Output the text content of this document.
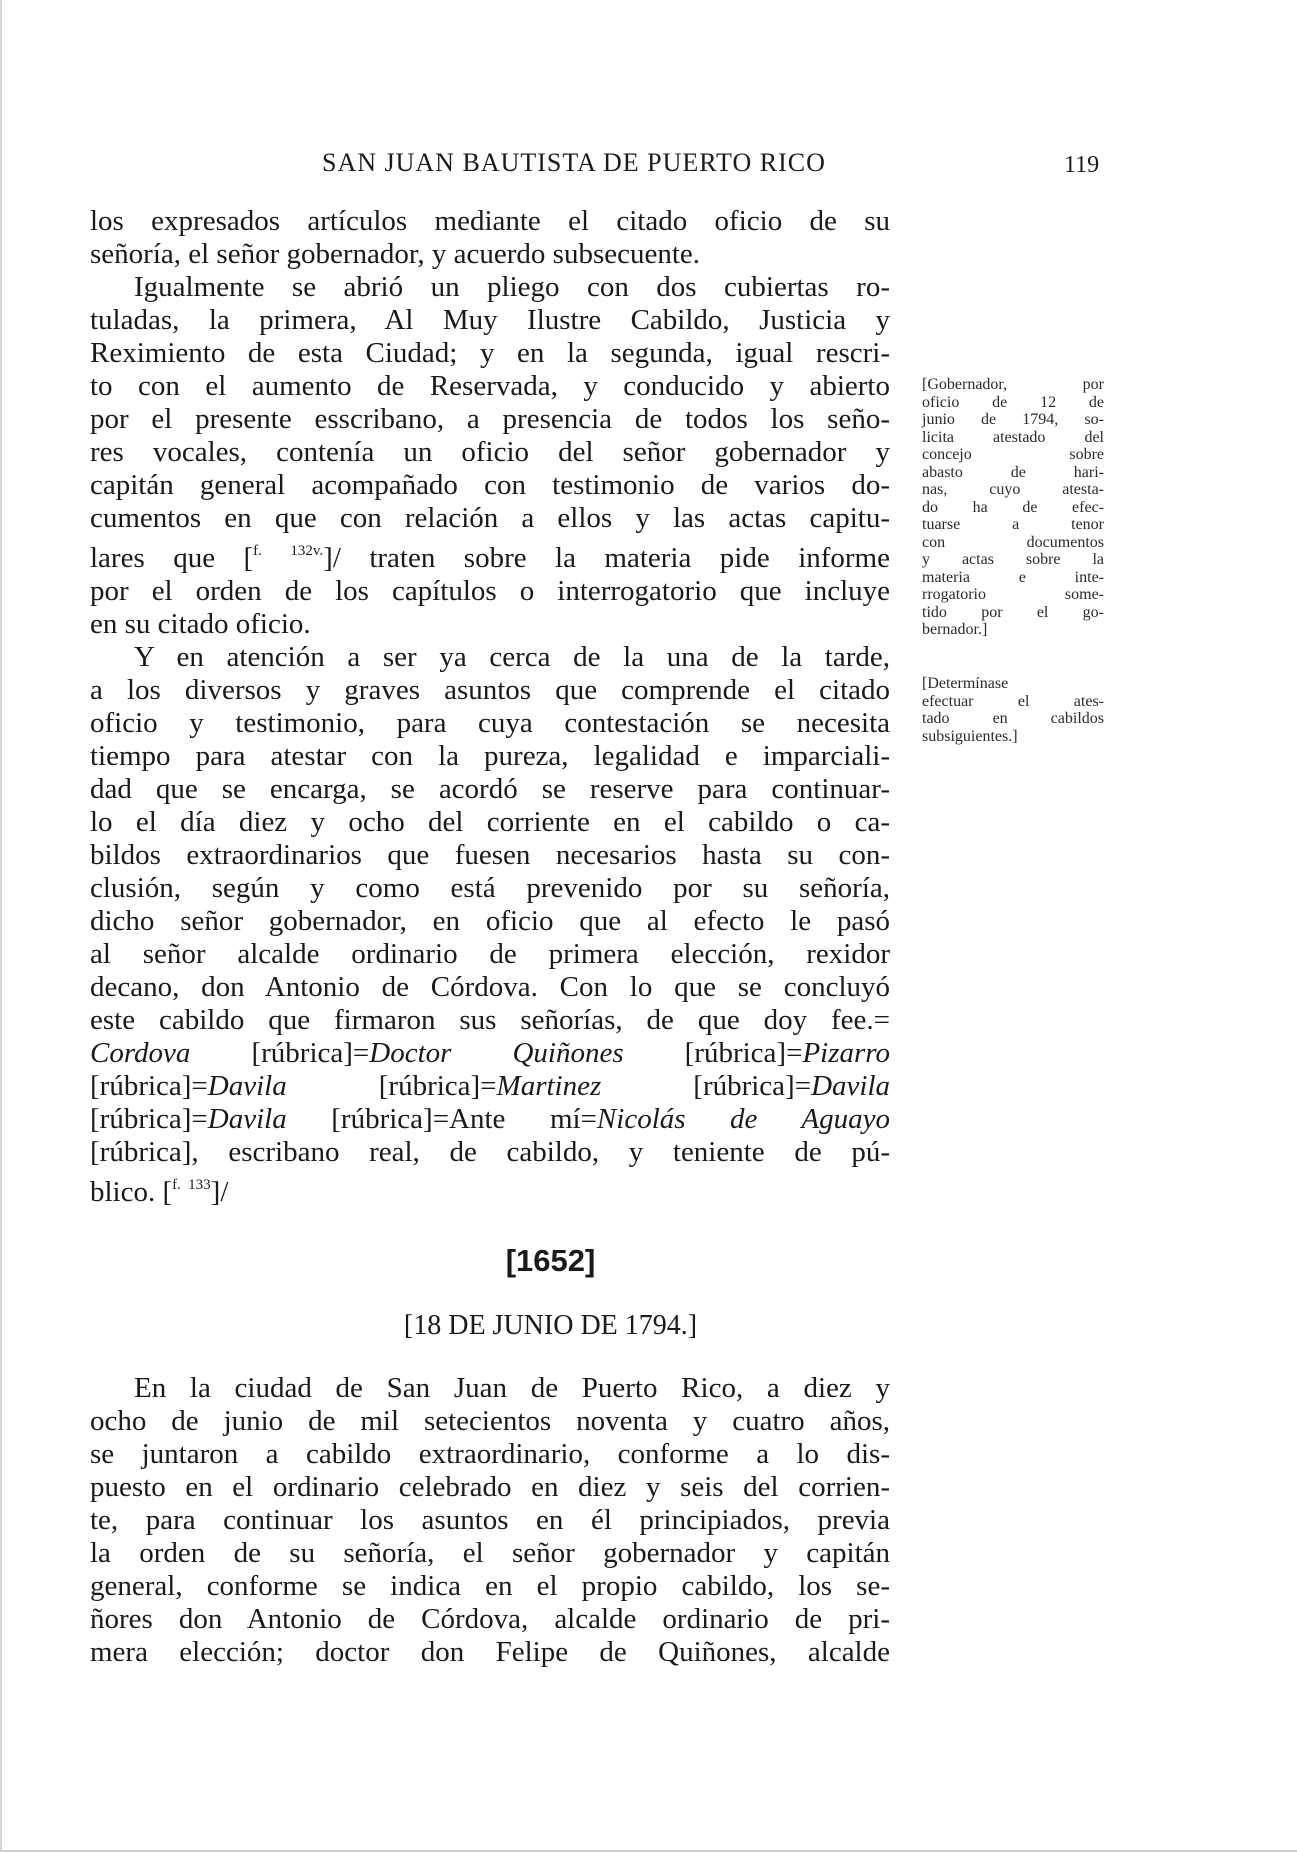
SAN JUAN BAUTISTA DE PUERTO RICO	119
los expresados artículos mediante el citado oficio de su
señoría, el señor gobernador, y acuerdo subsecuente.
Igualmente se abrió un pliego con dos cubiertas ro-
tuladas, la primera, Al Muy Ilustre Cabildo, Justicia y
Reximiento de esta Ciudad; y en la segunda, igual rescri-
to con el aumento de Reservada, y conducido y abierto
por el presente esscribano, a presencia de todos los seño-
res vocales, contenía un oficio del señor gobernador y
capitán general acompañado con testimonio de varios do-
cumentos en que con relación a ellos y las actas capitu-
lares que [$^{f.}$ $^{132v.}$]/ traten sobre la materia pide informe
por el orden de los capítulos o interrogatorio que incluye
en su citado oficio.
Y en atención a ser ya cerca de la una de la tarde,
a los diversos y graves asuntos que comprende el citado
oficio y testimonio, para cuya contestación se necesita
tiempo para atestar con la pureza, legalidad e imparciali-
dad que se encarga, se acordó se reserve para continuar-
lo el día diez y ocho del corriente en el cabildo o ca-
bildos extraordinarios que fuesen necesarios hasta su con-
clusión, según y como está prevenido por su señoría,
dicho señor gobernador, en oficio que al efecto le pasó
al señor alcalde ordinario de primera elección, rexidor
decano, don Antonio de Córdova. Con lo que se concluyó
este cabildo que firmaron sus señorías, de que doy fee.=
Cordova [rúbrica]=Doctor Quiñones [rúbrica]=Pizarro
[rúbrica]=Davila	[rúbrica]=Martinez	[rúbrica]=Davila
[rúbrica]=Davila [rúbrica]=Ante mí=Nicolás de Aguayo
[rúbrica], escribano real, de cabildo, y teniente de pú-
blico. [$^{f.}$ $^{133}$]/
[Gobernador, por
oficio de 12 de
junio de 1794, so-
licita atestado del
concejo sobre
abasto de hari-
nas, cuyo atesta-
do ha de efec-
tuarse a tenor
con documentos
y actas sobre la
materia e inte-
rrogatorio some-
tido por el go-
bernador.]
[Determínase
efectuar el ates-
tado en cabildos
subsiguientes.]
[1652]
[18 DE JUNIO DE 1794.]
En la ciudad de San Juan de Puerto Rico, a diez y
ocho de junio de mil setecientos noventa y cuatro años,
se juntaron a cabildo extraordinario, conforme a lo dis-
puesto en el ordinario celebrado en diez y seis del corrien-
te, para continuar los asuntos en él principiados, previa
la orden de su señoría, el señor gobernador y capitán
general, conforme se indica en el propio cabildo, los se-
ñores don Antonio de Córdova, alcalde ordinario de pri-
mera elección; doctor don Felipe de Quiñones, alcalde
